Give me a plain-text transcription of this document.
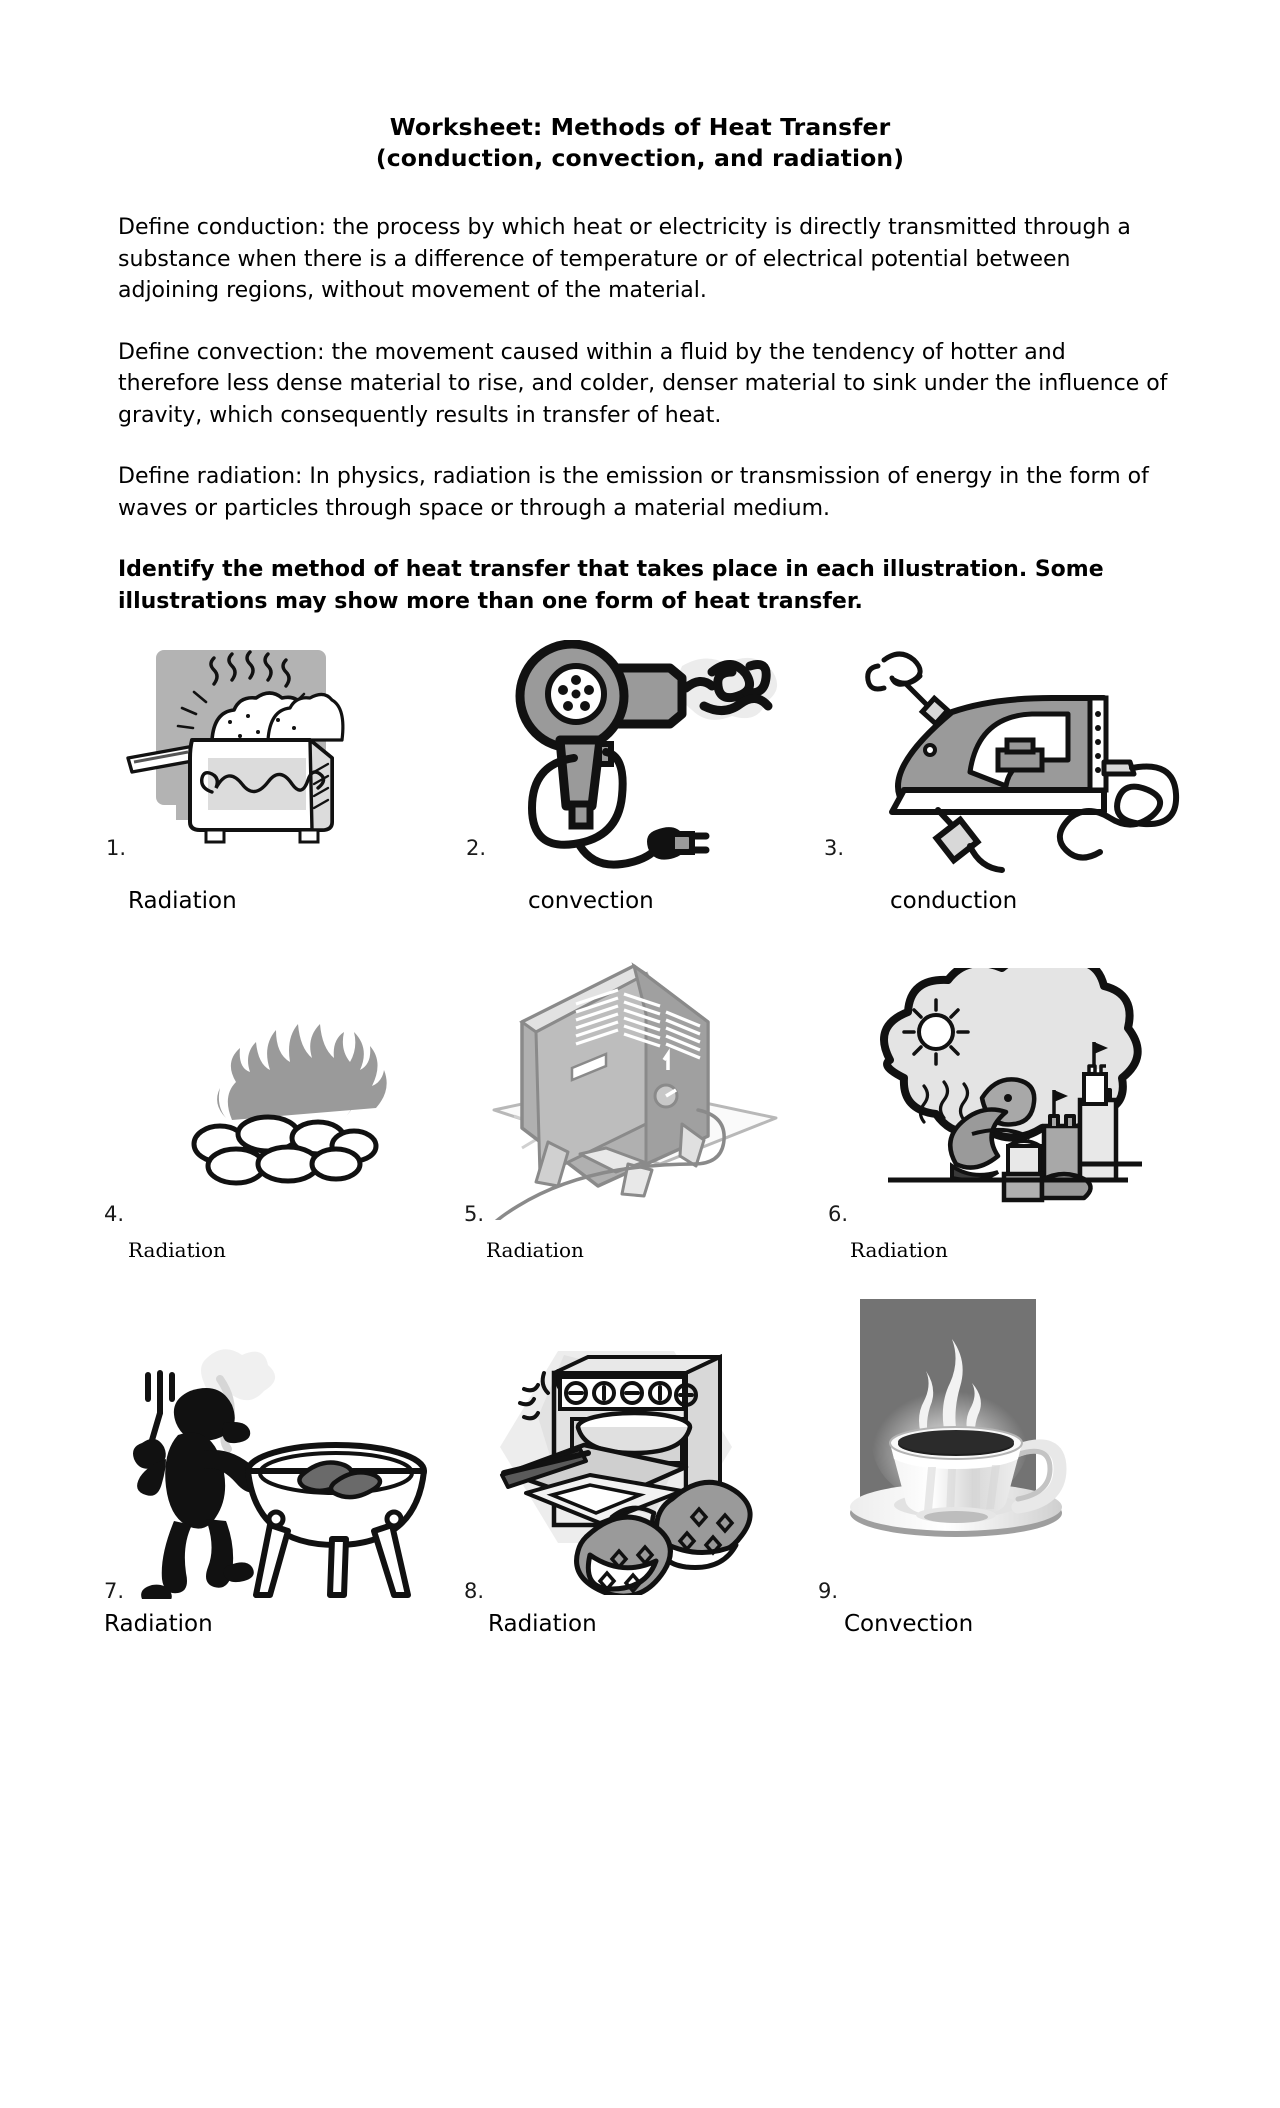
Worksheet: Methods of Heat Transfer
(conduction, convection, and radiation)

Define conduction: the process by which heat or electricity is directly transmitted through a substance when there is a difference of temperature or of electrical potential between adjoining regions, without movement of the material.

Define convection: the movement caused within a fluid by the tendency of hotter and therefore less dense material to rise, and colder, denser material to sink under the influence of gravity, which consequently results in transfer of heat.

Define radiation: In physics, radiation is the emission or transmission of energy in the form of waves or particles through space or through a material medium.

Identify the method of heat transfer that takes place in each illustration. Some illustrations may show more than one form of heat transfer.

1.
Radiation
2.
convection
3.
conduction
4.
Radiation
5.
Radiation
6.
Radiation
7.
Radiation
8.
Radiation
9.
Convection
